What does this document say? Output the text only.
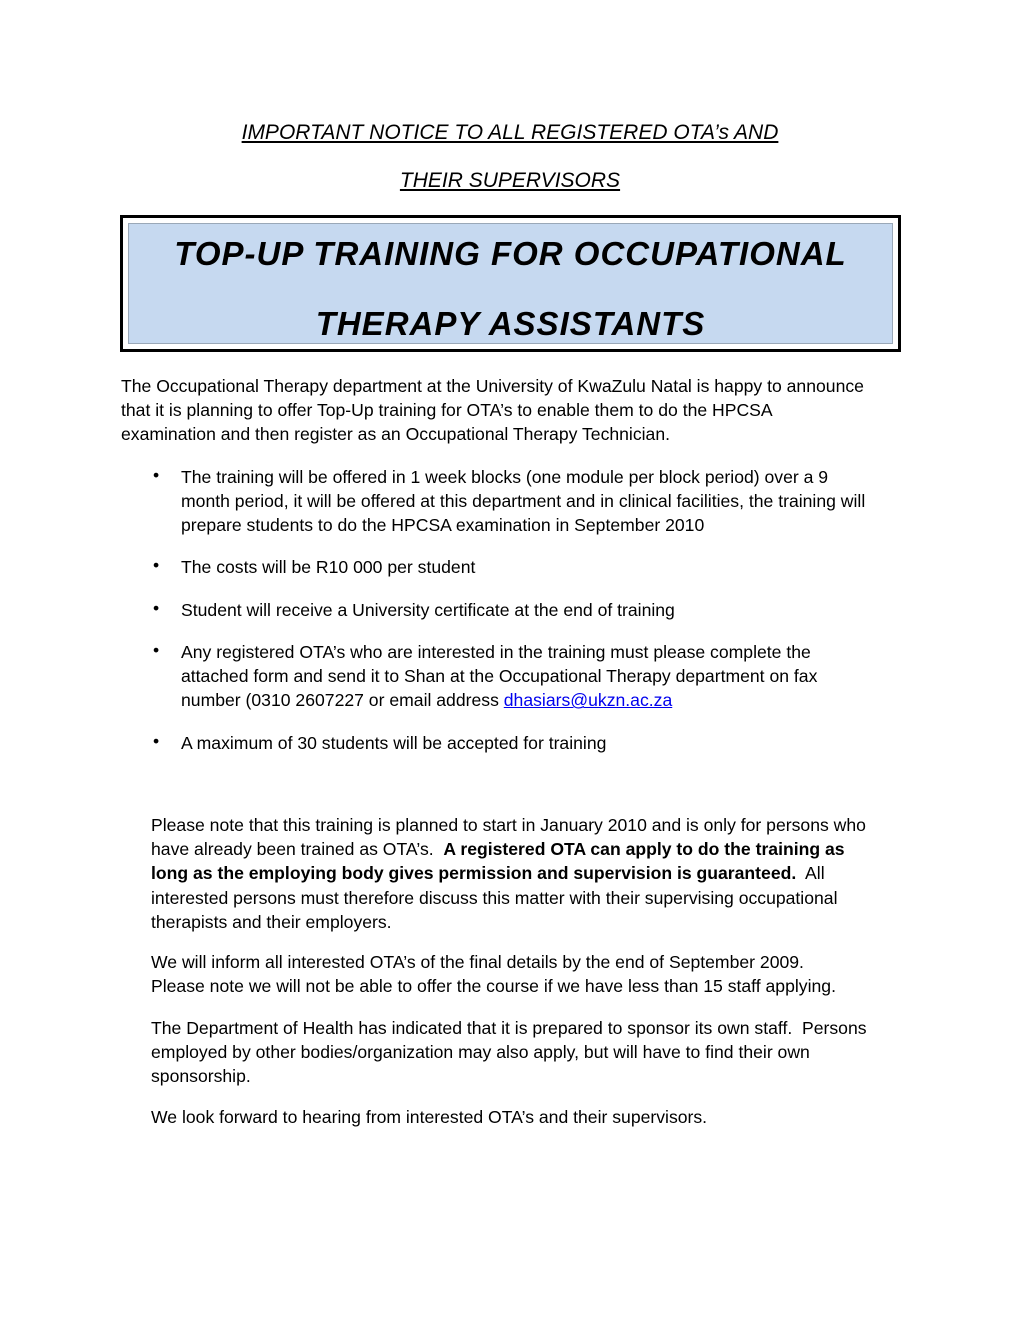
IMPORTANT NOTICE TO ALL REGISTERED OTA’s AND
THEIR SUPERVISORS
TOP-UP TRAINING FOR OCCUPATIONAL
THERAPY ASSISTANTS
The Occupational Therapy department at the University of KwaZulu Natal is happy to announce
that it is planning to offer Top-Up training for OTA’s to enable them to do the HPCSA
examination and then register as an Occupational Therapy Technician.
• The training will be offered in 1 week blocks (one module per block period) over a 9
month period, it will be offered at this department and in clinical facilities, the training will
prepare students to do the HPCSA examination in September 2010
• The costs will be R10 000 per student
• Student will receive a University certificate at the end of training
• Any registered OTA’s who are interested in the training must please complete the
attached form and send it to Shan at the Occupational Therapy department on fax
number (0310 2607227 or email address dhasiars@ukzn.ac.za
• A maximum of 30 students will be accepted for training
Please note that this training is planned to start in January 2010 and is only for persons who
have already been trained as OTA’s.  A registered OTA can apply to do the training as
long as the employing body gives permission and supervision is guaranteed.  All
interested persons must therefore discuss this matter with their supervising occupational
therapists and their employers.
We will inform all interested OTA’s of the final details by the end of September 2009.
Please note we will not be able to offer the course if we have less than 15 staff applying.
The Department of Health has indicated that it is prepared to sponsor its own staff.  Persons
employed by other bodies/organization may also apply, but will have to find their own
sponsorship.
We look forward to hearing from interested OTA’s and their supervisors.
